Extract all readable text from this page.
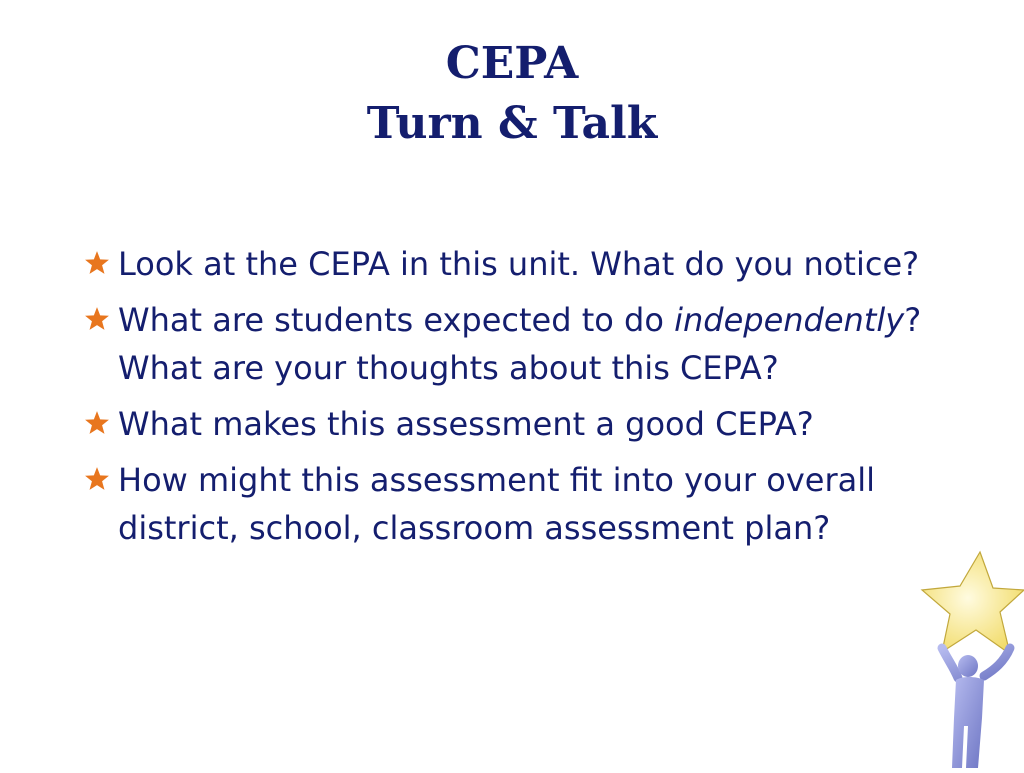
CEPA
Turn & Talk
Look at the CEPA in this unit. What do you notice?
What are students expected to do independently? What are your thoughts about this CEPA?
What makes this assessment a good CEPA?
How might this assessment fit into your overall district, school, classroom assessment plan?
